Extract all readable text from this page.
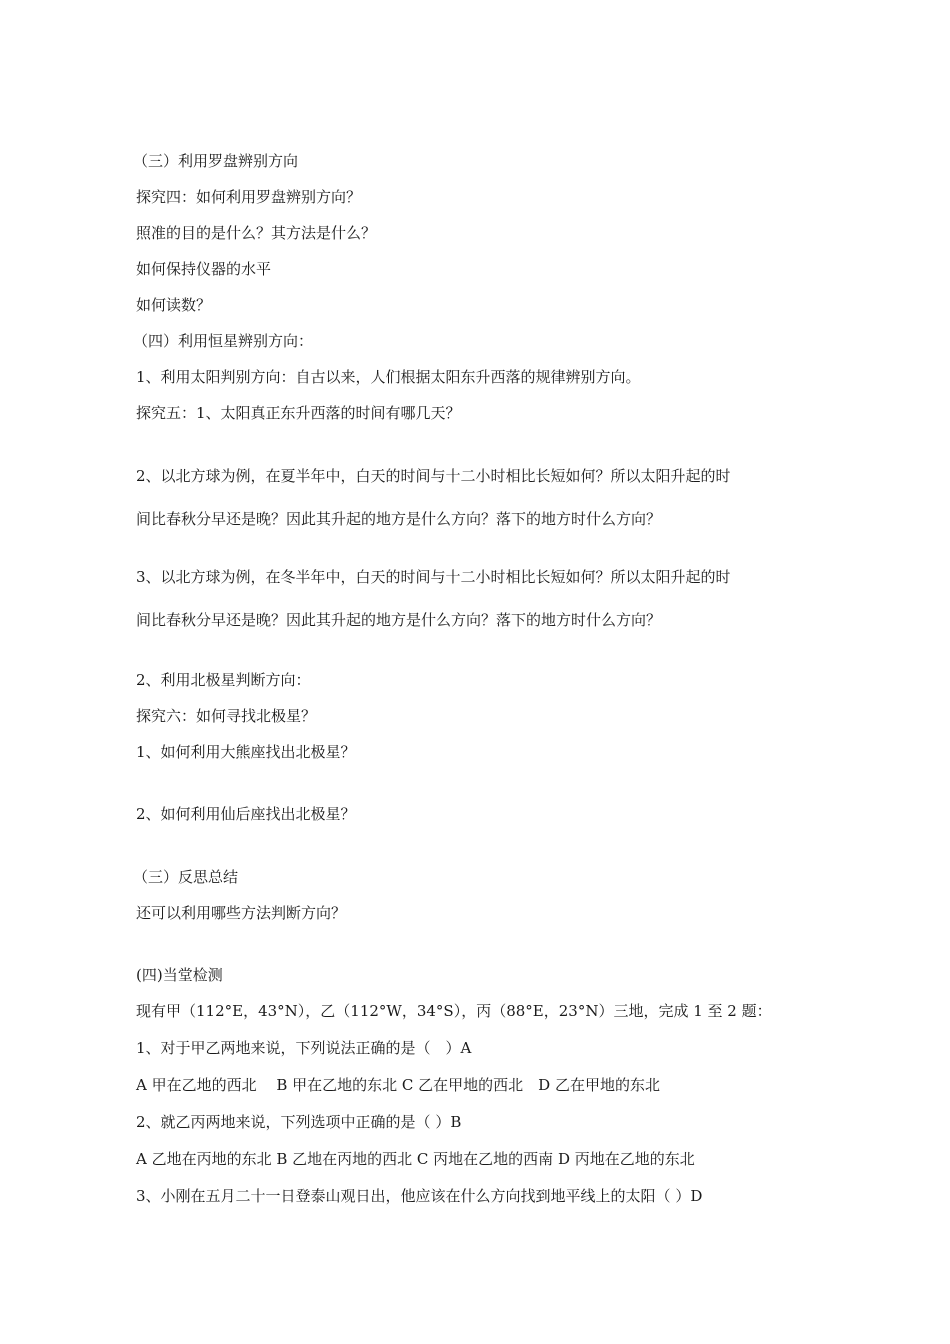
（三）利用罗盘辨别方向
探究四：如何利用罗盘辨别方向？
照准的目的是什么？其方法是什么？
如何保持仪器的水平
如何读数？
（四）利用恒星辨别方向：
1、利用太阳判别方向：自古以来，人们根据太阳东升西落的规律辨别方向。
探究五：1、太阳真正东升西落的时间有哪几天？
2、以北方球为例，在夏半年中，白天的时间与十二小时相比长短如何？所以太阳升起的时
间比春秋分早还是晚？因此其升起的地方是什么方向？落下的地方时什么方向？
3、以北方球为例，在冬半年中，白天的时间与十二小时相比长短如何？所以太阳升起的时
间比春秋分早还是晚？因此其升起的地方是什么方向？落下的地方时什么方向？
2、利用北极星判断方向：
探究六：如何寻找北极星？
1、如何利用大熊座找出北极星？
2、如何利用仙后座找出北极星？
（三）反思总结
还可以利用哪些方法判断方向？
(四)当堂检测
现有甲（112°E，43°N），乙（112°W，34°S），丙（88°E，23°N）三地，完成 1 至 2 题：
1、对于甲乙两地来说，下列说法正确的是（　）A
A 甲在乙地的西北　 B 甲在乙地的东北 C 乙在甲地的西北　D 乙在甲地的东北
2、就乙丙两地来说，下列选项中正确的是（ ）B
A 乙地在丙地的东北 B 乙地在丙地的西北 C 丙地在乙地的西南 D 丙地在乙地的东北
3、小刚在五月二十一日登泰山观日出，他应该在什么方向找到地平线上的太阳（ ）D
